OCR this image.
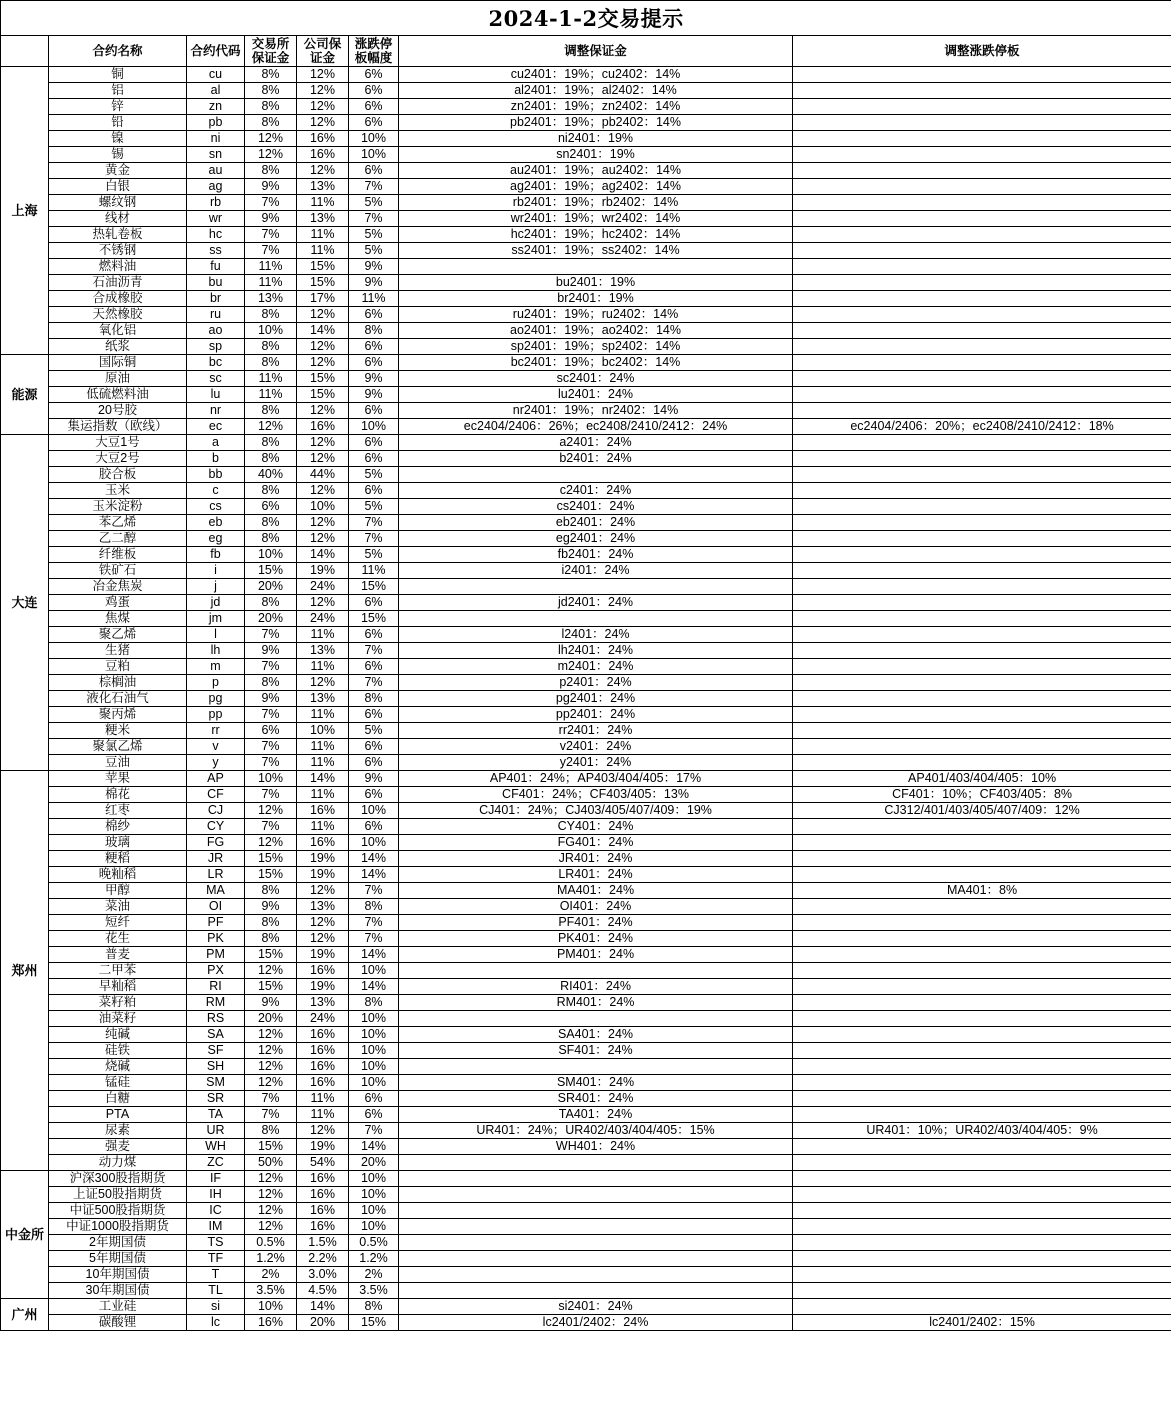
2024-1-2交易提示							
	合约名称	合约代码	交易所保证金	公司保证金	涨跌停板幅度	调整保证金	调整涨跌停板
上海	铜	cu	8%	12%	6%	cu2401：19%；cu2402：14%	
	铝	al	8%	12%	6%	al2401：19%；al2402：14%	
	锌	zn	8%	12%	6%	zn2401：19%；zn2402：14%	
	铅	pb	8%	12%	6%	pb2401：19%；pb2402：14%	
	镍	ni	12%	16%	10%	ni2401：19%	
	锡	sn	12%	16%	10%	sn2401：19%	
	黄金	au	8%	12%	6%	au2401：19%；au2402：14%	
	白银	ag	9%	13%	7%	ag2401：19%；ag2402：14%	
	螺纹钢	rb	7%	11%	5%	rb2401：19%；rb2402：14%	
	线材	wr	9%	13%	7%	wr2401：19%；wr2402：14%	
	热轧卷板	hc	7%	11%	5%	hc2401：19%；hc2402：14%	
	不锈钢	ss	7%	11%	5%	ss2401：19%；ss2402：14%	
	燃料油	fu	11%	15%	9%		
	石油沥青	bu	11%	15%	9%	bu2401：19%	
	合成橡胶	br	13%	17%	11%	br2401：19%	
	天然橡胶	ru	8%	12%	6%	ru2401：19%；ru2402：14%	
	氧化铝	ao	10%	14%	8%	ao2401：19%；ao2402：14%	
	纸浆	sp	8%	12%	6%	sp2401：19%；sp2402：14%	
能源	国际铜	bc	8%	12%	6%	bc2401：19%；bc2402：14%	
	原油	sc	11%	15%	9%	sc2401：24%	
	低硫燃料油	lu	11%	15%	9%	lu2401：24%	
	20号胶	nr	8%	12%	6%	nr2401：19%；nr2402：14%	
	集运指数（欧线）	ec	12%	16%	10%	ec2404/2406：26%；ec2408/2410/2412：24%	ec2404/2406：20%；ec2408/2410/2412：18%
大连	大豆1号	a	8%	12%	6%	a2401：24%	
	大豆2号	b	8%	12%	6%	b2401：24%	
	胶合板	bb	40%	44%	5%		
	玉米	c	8%	12%	6%	c2401：24%	
	玉米淀粉	cs	6%	10%	5%	cs2401：24%	
	苯乙烯	eb	8%	12%	7%	eb2401：24%	
	乙二醇	eg	8%	12%	7%	eg2401：24%	
	纤维板	fb	10%	14%	5%	fb2401：24%	
	铁矿石	i	15%	19%	11%	i2401：24%	
	冶金焦炭	j	20%	24%	15%		
	鸡蛋	jd	8%	12%	6%	jd2401：24%	
	焦煤	jm	20%	24%	15%		
	聚乙烯	l	7%	11%	6%	l2401：24%	
	生猪	lh	9%	13%	7%	lh2401：24%	
	豆粕	m	7%	11%	6%	m2401：24%	
	棕榈油	p	8%	12%	7%	p2401：24%	
	液化石油气	pg	9%	13%	8%	pg2401：24%	
	聚丙烯	pp	7%	11%	6%	pp2401：24%	
	粳米	rr	6%	10%	5%	rr2401：24%	
	聚氯乙烯	v	7%	11%	6%	v2401：24%	
	豆油	y	7%	11%	6%	y2401：24%	
郑州	苹果	AP	10%	14%	9%	AP401：24%；AP403/404/405：17%	AP401/403/404/405：10%
	棉花	CF	7%	11%	6%	CF401：24%；CF403/405：13%	CF401：10%；CF403/405：8%
	红枣	CJ	12%	16%	10%	CJ401：24%；CJ403/405/407/409：19%	CJ312/401/403/405/407/409：12%
	棉纱	CY	7%	11%	6%	CY401：24%	
	玻璃	FG	12%	16%	10%	FG401：24%	
	粳稻	JR	15%	19%	14%	JR401：24%	
	晚籼稻	LR	15%	19%	14%	LR401：24%	
	甲醇	MA	8%	12%	7%	MA401：24%	MA401：8%
	菜油	OI	9%	13%	8%	OI401：24%	
	短纤	PF	8%	12%	7%	PF401：24%	
	花生	PK	8%	12%	7%	PK401：24%	
	普麦	PM	15%	19%	14%	PM401：24%	
	二甲苯	PX	12%	16%	10%		
	早籼稻	RI	15%	19%	14%	RI401：24%	
	菜籽粕	RM	9%	13%	8%	RM401：24%	
	油菜籽	RS	20%	24%	10%		
	纯碱	SA	12%	16%	10%	SA401：24%	
	硅铁	SF	12%	16%	10%	SF401：24%	
	烧碱	SH	12%	16%	10%		
	锰硅	SM	12%	16%	10%	SM401：24%	
	白糖	SR	7%	11%	6%	SR401：24%	
	PTA	TA	7%	11%	6%	TA401：24%	
	尿素	UR	8%	12%	7%	UR401：24%；UR402/403/404/405：15%	UR401：10%；UR402/403/404/405：9%
	强麦	WH	15%	19%	14%	WH401：24%	
	动力煤	ZC	50%	54%	20%		
中金所	沪深300股指期货	IF	12%	16%	10%		
	上证50股指期货	IH	12%	16%	10%		
	中证500股指期货	IC	12%	16%	10%		
	中证1000股指期货	IM	12%	16%	10%		
	2年期国债	TS	0.5%	1.5%	0.5%		
	5年期国债	TF	1.2%	2.2%	1.2%		
	10年期国债	T	2%	3.0%	2%		
	30年期国债	TL	3.5%	4.5%	3.5%		
广州	工业硅	si	10%	14%	8%	si2401：24%	
	碳酸锂	lc	16%	20%	15%	lc2401/2402：24%	lc2401/2402：15%
